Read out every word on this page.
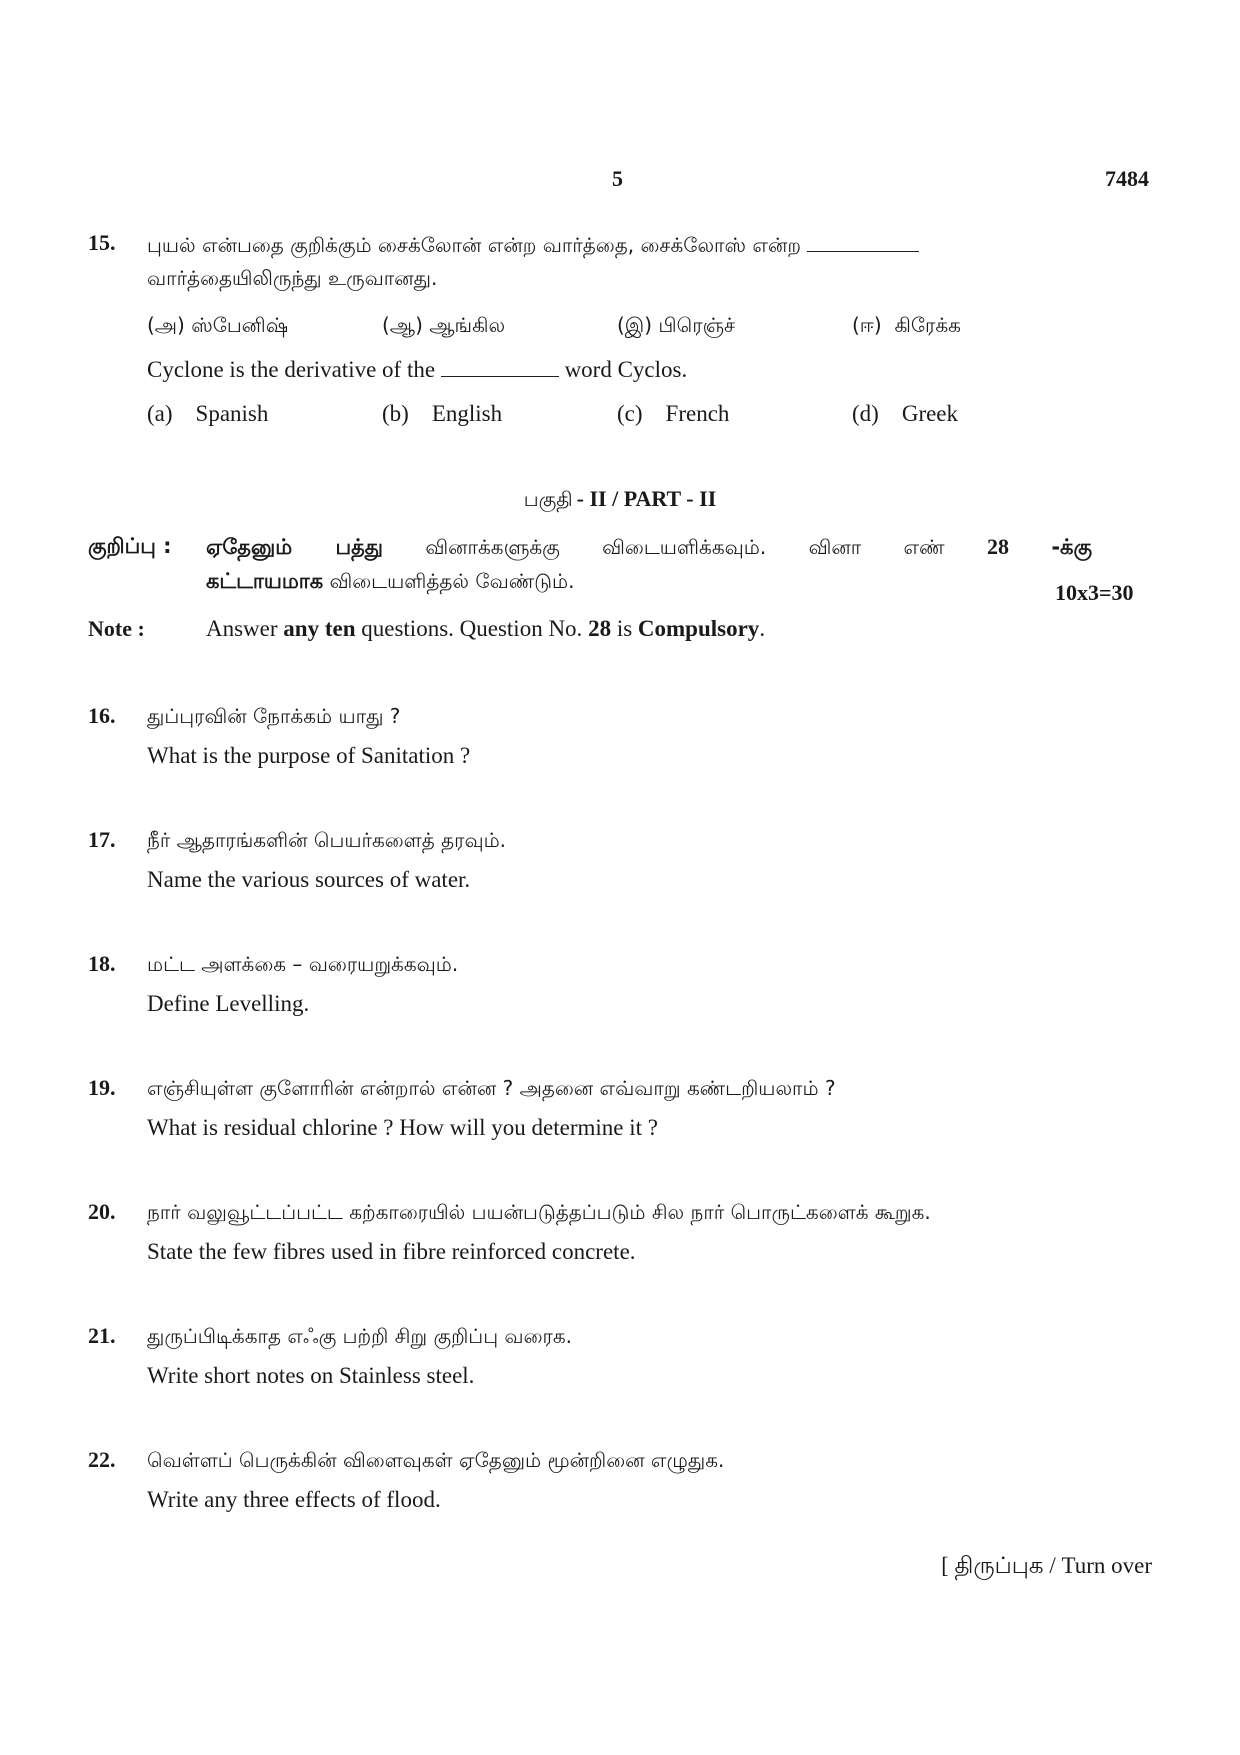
5	7484
15.	புயல் என்பதை குறிக்கும் சைக்லோன் என்ற வார்த்தை, சைக்லோஸ் என்ற
வார்த்தையிலிருந்து உருவானது.
(அ) ஸ்பேனிஷ்	(ஆ) ஆங்கில	(இ) பிரெஞ்ச்	(ஈ) கிரேக்க
Cyclone is the derivative of the	word Cyclos.
(a) Spanish	(b) English	(c) French	(d) Greek
பகுதி - II / PART - II
குறிப்பு : ஏதேனும் பத்து வினாக்களுக்கு விடையளிக்கவும். வினா எண் 28 -க்கு
கட்டாயமாக விடையளித்தல் வேண்டும்.	10x3=30
Note :	Answer any ten questions. Question No. 28 is Compulsory.
16.	துப்புரவின் நோக்கம் யாது ?
What is the purpose of Sanitation ?
17.	நீர் ஆதாரங்களின் பெயர்களைத் தரவும்.
Name the various sources of water.
18.	மட்ட அளக்கை – வரையறுக்கவும்.
Define Levelling.
19.	எஞ்சியுள்ள குளோரின் என்றால் என்ன ? அதனை எவ்வாறு கண்டறியலாம் ?
What is residual chlorine ? How will you determine it ?
20.	நார் வலுவூட்டப்பட்ட கற்காரையில் பயன்படுத்தப்படும் சில நார் பொருட்களைக் கூறுக.
State the few fibres used in fibre reinforced concrete.
21.	துருப்பிடிக்காத எஃகு பற்றி சிறு குறிப்பு வரைக.
Write short notes on Stainless steel.
22.	வெள்ளப் பெருக்கின் விளைவுகள் ஏதேனும் மூன்றினை எழுதுக.
Write any three effects of flood.
[ திருப்புக / Turn over
